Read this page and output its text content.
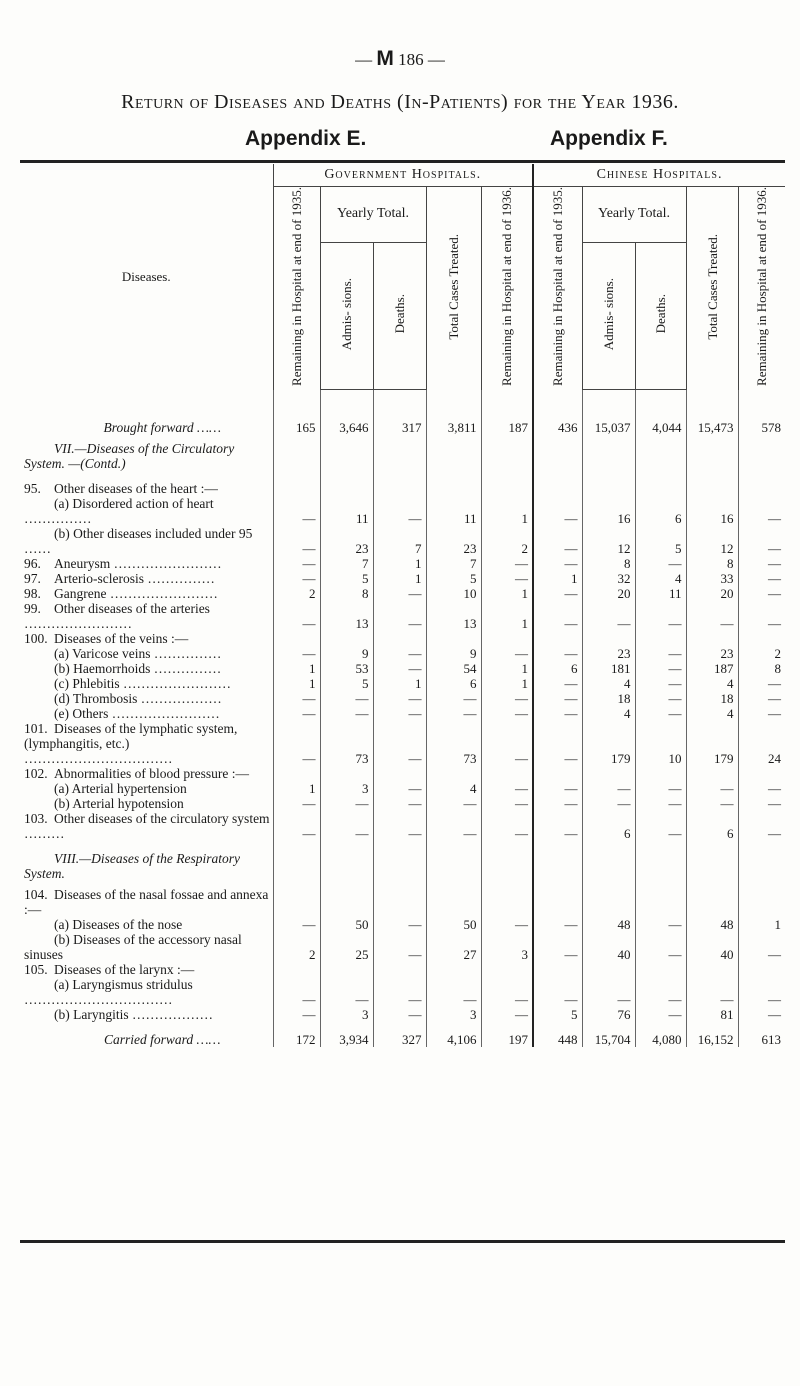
— M 186 —
Return of Diseases and Deaths (In-Patients) for the Year 1936.
Appendix E.	Appendix F.
Diseases.	Government Hospitals.					Chinese Hospitals.				
	Remaining in Hospital at end of 1935.	Yearly Total.		Total Cases Treated.	Remaining in Hospital at end of 1936.	Remaining in Hospital at end of 1935.	Yearly Total.		Total Cases Treated.	Remaining in Hospital at end of 1936.
		Admis- sions.	Deaths.				Admis- sions.	Deaths.		

Brought forward ……	165	3,646	317	3,811	187	436	15,037	4,044	15,473	578

VII.—Diseases of the Circulatory System. —(Contd.)										

95. Other diseases of the heart :—										
(a) Disordered action of heart ……………	—	11	—	11	1	—	16	6	16	—
(b) Other diseases included under 95 ……	—	23	7	23	2	—	12	5	12	—
96. Aneurysm ……………………	—	7	1	7	—	—	8	—	8	—
97. Arterio-sclerosis ……………	—	5	1	5	—	1	32	4	33	—
98. Gangrene ……………………	2	8	—	10	1	—	20	11	20	—
99. Other diseases of the arteries ……………………	—	13	—	13	1	—	—	—	—	—
100. Diseases of the veins :—										
(a) Varicose veins ……………	—	9	—	9	—	—	23	—	23	2
(b) Haemorrhoids ……………	1	53	—	54	1	6	181	—	187	8
(c) Phlebitis ……………………	1	5	1	6	1	—	4	—	4	—
(d) Thrombosis ………………	—	—	—	—	—	—	18	—	18	—
(e) Others ……………………	—	—	—	—	—	—	4	—	4	—
101. Diseases of the lymphatic system, (lymphangitis, etc.) ……………………………	—	73	—	73	—	—	179	10	179	24
102. Abnormalities of blood pressure :—										
(a) Arterial hypertension	1	3	—	4	—	—	—	—	—	—
(b) Arterial hypotension	—	—	—	—	—	—	—	—	—	—
103. Other diseases of the circulatory system ………	—	—	—	—	—	—	6	—	6	—

VIII.—Diseases of the Respiratory System.										

104. Diseases of the nasal fossae and annexa :—										
(a) Diseases of the nose	—	50	—	50	—	—	48	—	48	1
(b) Diseases of the accessory nasal sinuses	2	25	—	27	3	—	40	—	40	—
105. Diseases of the larynx :—										
(a) Laryngismus stridulus ……………………………	—	—	—	—	—	—	—	—	—	—
(b) Laryngitis ………………	—	3	—	3	—	5	76	—	81	—

Carried forward ……	172	3,934	327	4,106	197	448	15,704	4,080	16,152	613
